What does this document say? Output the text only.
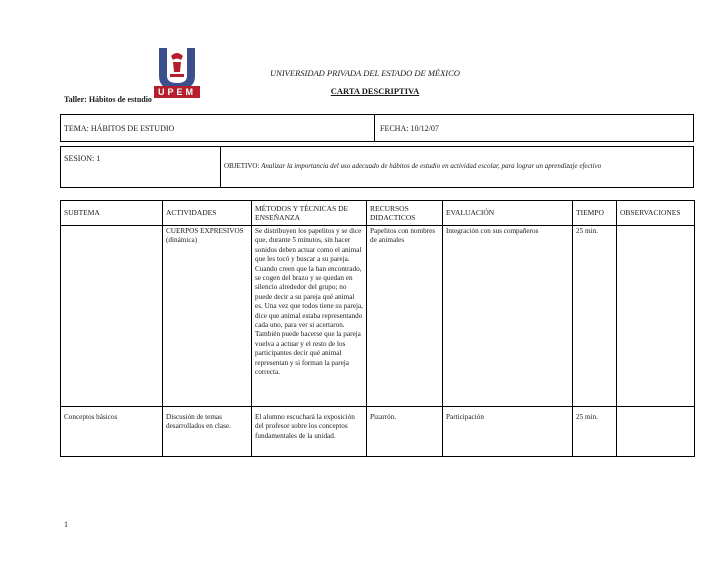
UPEM
UNIVERSIDAD PRIVADA DEL ESTADO DE MÉXICO
CARTA DESCRIPTIVA
Taller: Hábitos de estudio
TEMA: HÁBITOS DE ESTUDIO	FECHA: 10/12/07
SESION: 1
OBJETIVO: Analizar la importancia del uso adecuado de hábitos de estudio en actividad escolar, para lograr un aprendizaje efectivo
SUBTEMA	ACTIVIDADES	MÉTODOS Y TÉCNICAS DE ENSEÑANZA	RECURSOS DIDACTICOS	EVALUACIÓN	TIEMPO	OBSERVACIONES
	CUERPOS EXPRESIVOS (dinámica)	Se distribuyen los papelitos y se dice que, durante 5 minutos, sin hacer sonidos deben actuar como el animal que les tocó y buscar a su pareja. Cuando creen que la han encontrado, se cogen del brazo y se quedan en silencio alrededor del grupo; no puede decir a su pareja qué animal es. Una vez que todos tiene su pareja, dice que animal estaba representando cada uno, para ver si acertaron. También puede hacerse que la pareja vuelva a actuar y el resto de los participantes decir qué animal representan y si forman la pareja correcta.	Papelitos con nombres de animales	Integración con sus compañeros	25 min.	
Conceptos básicos	Discusión de temas desarrollados en clase.	El alumno escuchará la exposición del profesor sobre los conceptos fundamentales de la unidad.	Pizarrón.	Participación	25 min.	
1
